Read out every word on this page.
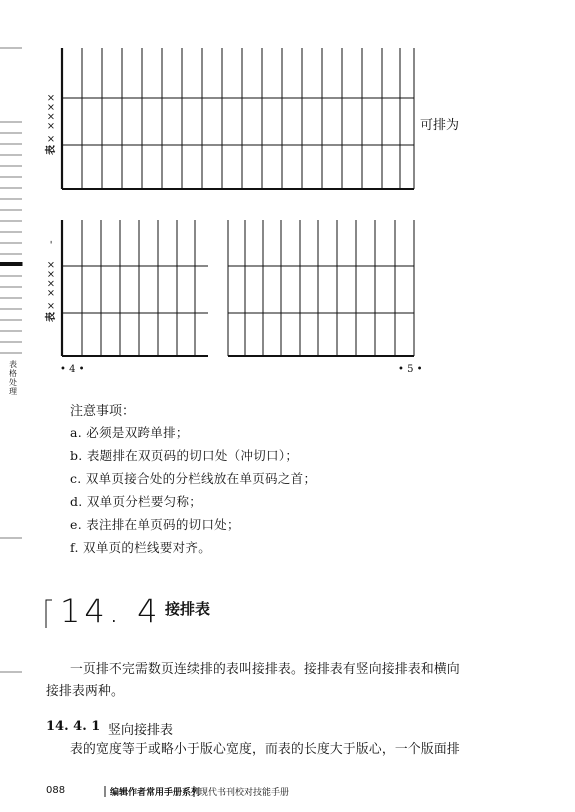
表格处理
表
×
××××
表
×
××××
-
可排为
• 4 •	• 5 •
注意事项：
a. 必须是双跨单排；
b. 表题排在双页码的切口处（冲切口）；
c. 双单页接合处的分栏线放在单页码之首；
d. 双单页分栏要匀称；
e. 表注排在单页码的切口处；
f. 双单页的栏线要对齐。
14. 4 接排表
一页排不完需数页连续排的表叫接排表。接排表有竖向接排表和横向
接排表两种。
14. 4. 1 竖向接排表
表的宽度等于或略小于版心宽度，而表的长度大于版心，一个版面排
088	编辑作者常用手册系列
现代书刊校对技能手册
